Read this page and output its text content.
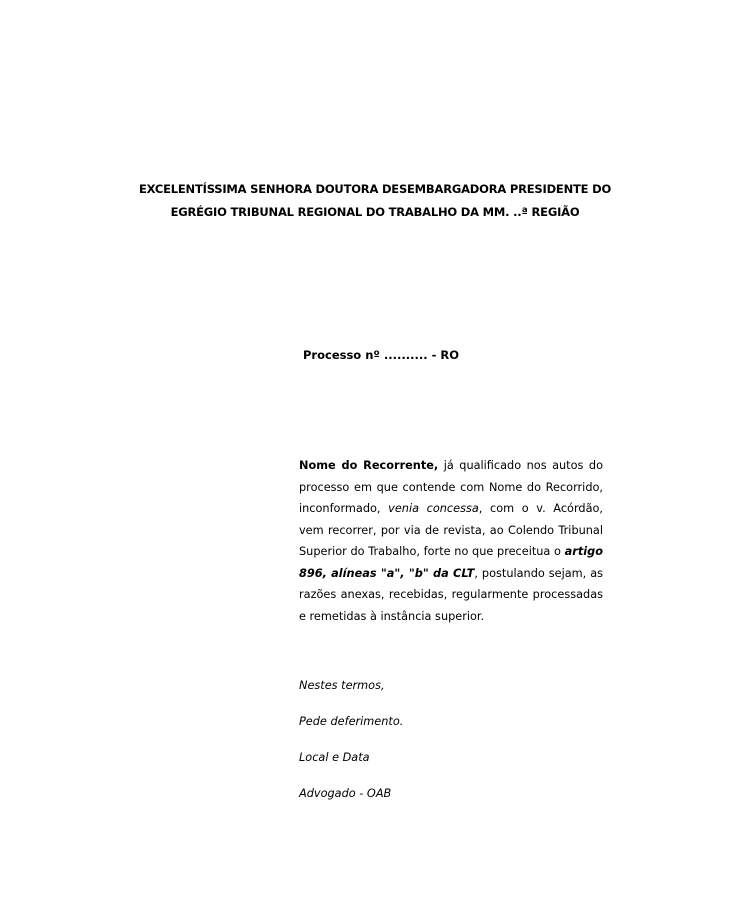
EXCELENTÍSSIMA SENHORA DOUTORA DESEMBARGADORA PRESIDENTE DO
EGRÉGIO TRIBUNAL REGIONAL DO TRABALHO DA MM. ..ª REGIÃO
Processo nº .......... - RO
Nome do Recorrente, já qualificado nos autos do processo em que contende com Nome do Recorrido, inconformado, venia concessa, com o v. Acórdão, vem recorrer, por via de revista, ao Colendo Tribunal Superior do Trabalho, forte no que preceitua o artigo 896, alíneas "a", "b" da CLT, postulando sejam, as razões anexas, recebidas, regularmente processadas e remetidas à instância superior.
Nestes termos,
Pede deferimento.
Local e Data
Advogado - OAB
